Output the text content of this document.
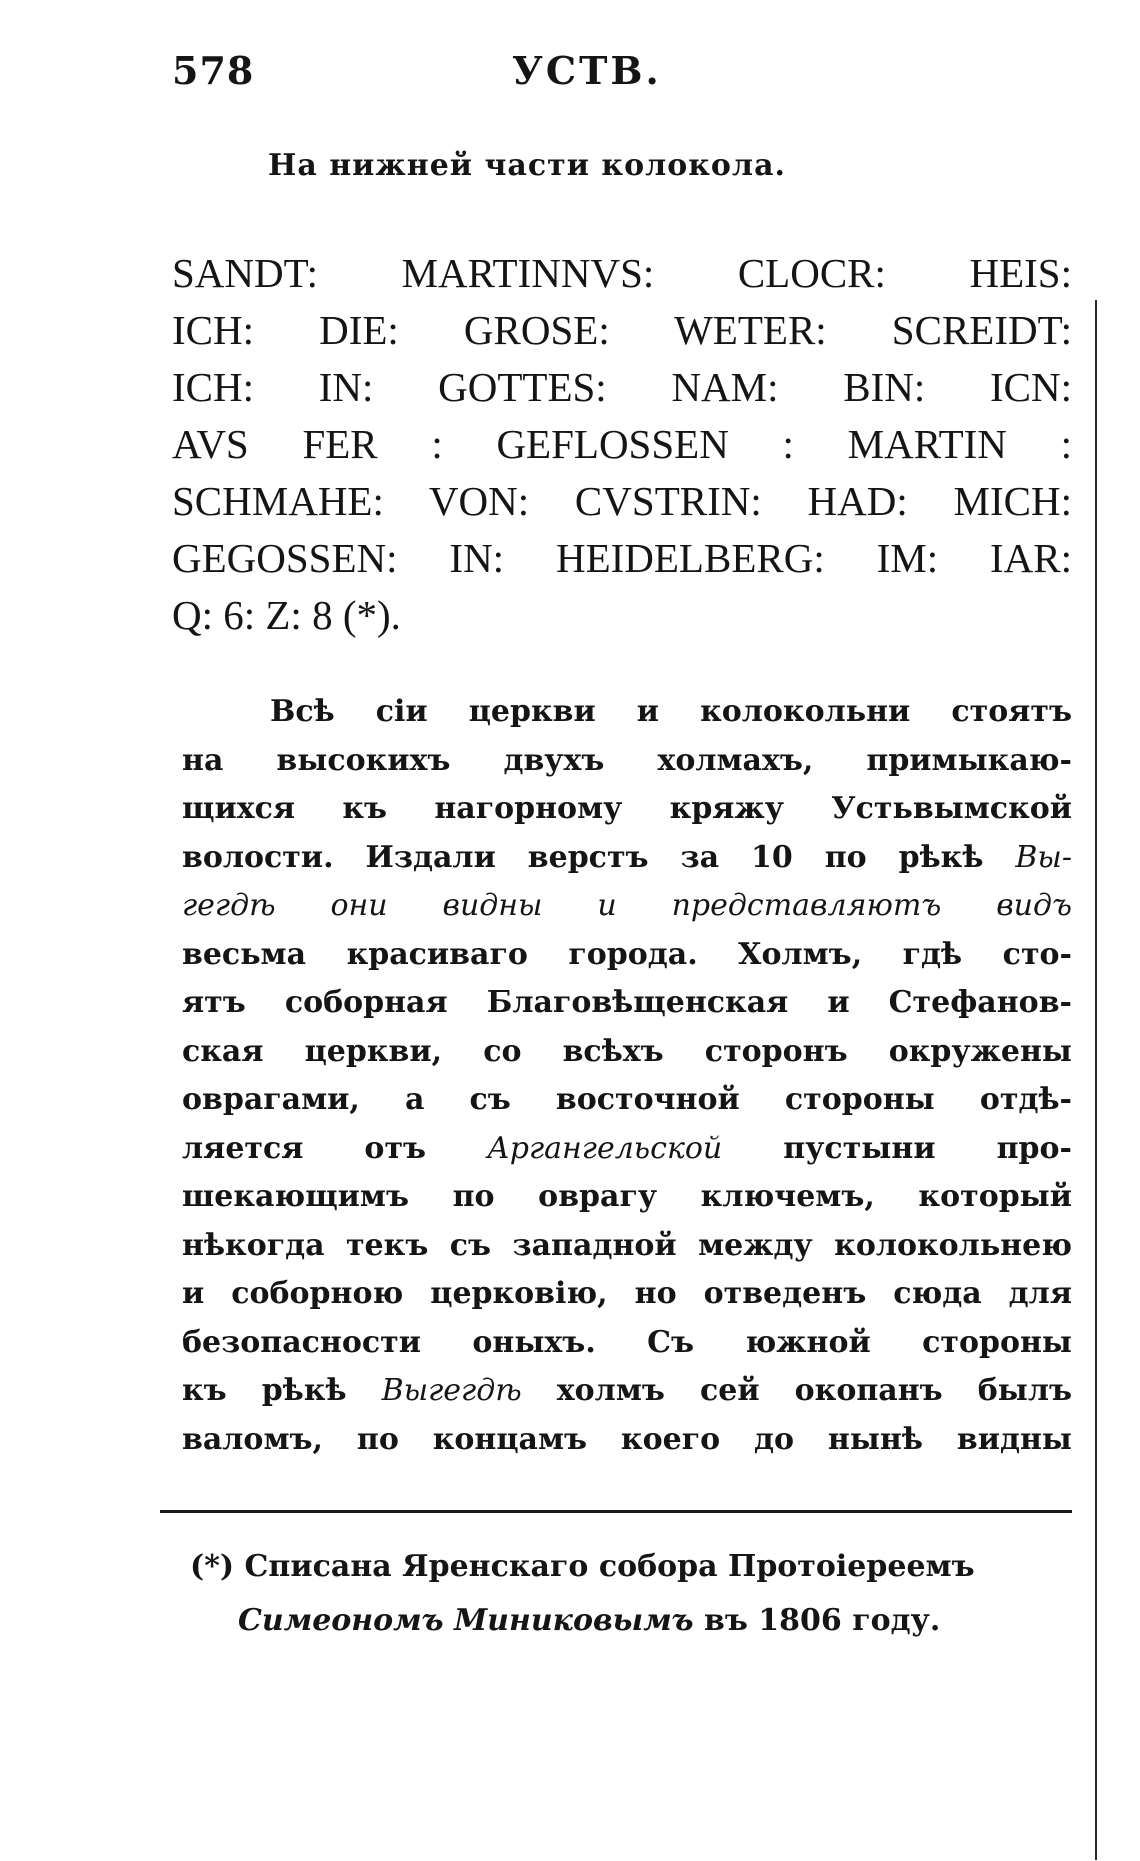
578	УСТВ.
На нижней части колокола.
SANDT: MARTINNVS: CLOCR: HEIS:
ICH: DIE: GROSE: WETER: SCREIDT:
ICH: IN: GOTTES: NAM: BIN: ICN:
AVS FER : GEFLOSSEN : MARTIN :
SCHMAHE: VON: CVSTRIN: HAD: MICH:
GEGOSSEN: IN: HEIDELBERG: IM: IAR:
Q: 6: Z: 8 (*).
Всѣ сіи церкви и колокольни стоятъ
на высокихъ двухъ холмахъ, примыкаю-
щихся къ нагорному кряжу Устьвымской
волости. Издали верстъ за 10 по рѣкѣ Вы-
гегдѣ они видны и представляютъ видъ
весьма красиваго города. Холмъ, гдѣ сто-
ятъ соборная Благовѣщенская и Стефанов-
ская церкви, со всѣхъ сторонъ окружены
оврагами, а съ восточной стороны отдѣ-
ляется отъ Аргангельской пустыни про-
шекающимъ по оврагу ключемъ, который
нѣкогда текъ съ западной между колокольнею
и соборною церковію, но отведенъ сюда для
безопасности оныхъ. Съ южной стороны
къ рѣкѣ Выгегдѣ холмъ сей окопанъ былъ
валомъ, по концамъ коего до нынѣ видны
(*) Списана Яренскаго собора Протоіереемъ
Симеономъ Миниковымъ въ 1806 году.
